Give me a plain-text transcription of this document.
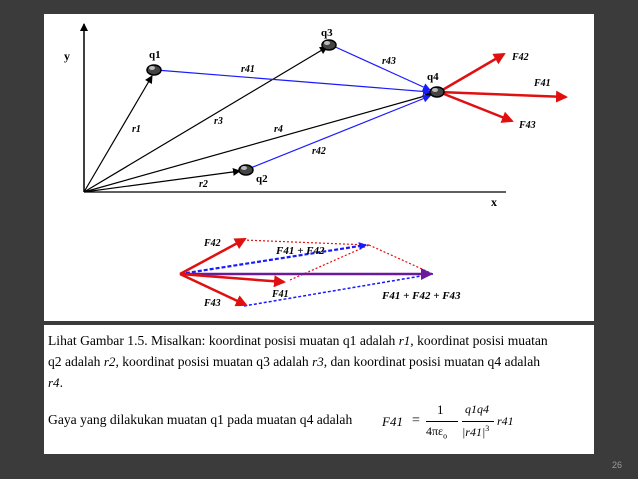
y
x
q1
q3
q4
q2
r1
r3
r4
r2
r41
r43
r42
F42
F41
F43
F42
F41 + F42
F41	F41 + F42 + F43
F43
Lihat Gambar 1.5. Misalkan: koordinat posisi muatan q1 adalah r1, koordinat posisi muatan
q2 adalah r2, koordinat posisi muatan q3 adalah r3, dan koordinat posisi muatan q4 adalah
r4.
Gaya yang dilakukan muatan q1 pada muatan q4 adalah F41 =
1
$4\pi\varepsilon_o$
q1q4
$|r41|^3$
r41
26
